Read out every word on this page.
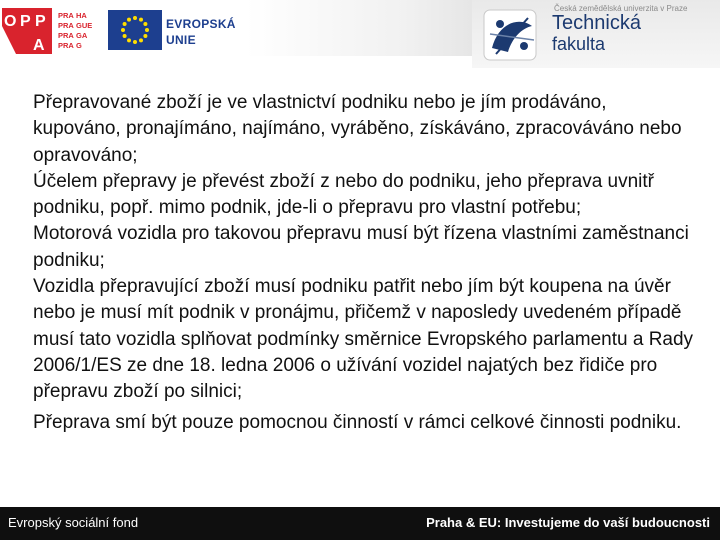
O P P
A
PRA HA
PRA GUE
PRA GA
PRA G
EVROPSKÁ
UNIE
Česká zemědělská univerzita v Praze
Technická
fakulta

Přepravované zboží je ve vlastnictví podniku nebo je jím prodáváno, kupováno, pronajímáno, najímáno, vyráběno, získáváno, zpracováváno nebo opravováno;

Účelem přepravy je převést zboží z nebo do podniku, jeho přeprava uvnitř podniku, popř. mimo podnik, jde-li o přepravu pro vlastní potřebu;

Motorová vozidla pro takovou přepravu musí být řízena vlastními zaměstnanci podniku;

Vozidla přepravující zboží musí podniku patřit nebo jím být koupena na úvěr nebo je musí mít podnik v pronájmu, přičemž v naposledy uvedeném případě musí tato vozidla splňovat podmínky směrnice Evropského parlamentu a Rady 2006/1/ES ze dne 18. ledna 2006 o užívání vozidel najatých bez řidiče pro přepravu zboží po silnici;

Přeprava smí být pouze pomocnou činností v rámci celkové činnosti podniku.

Evropský sociální fond	Praha & EU: Investujeme do vaší budoucnosti
